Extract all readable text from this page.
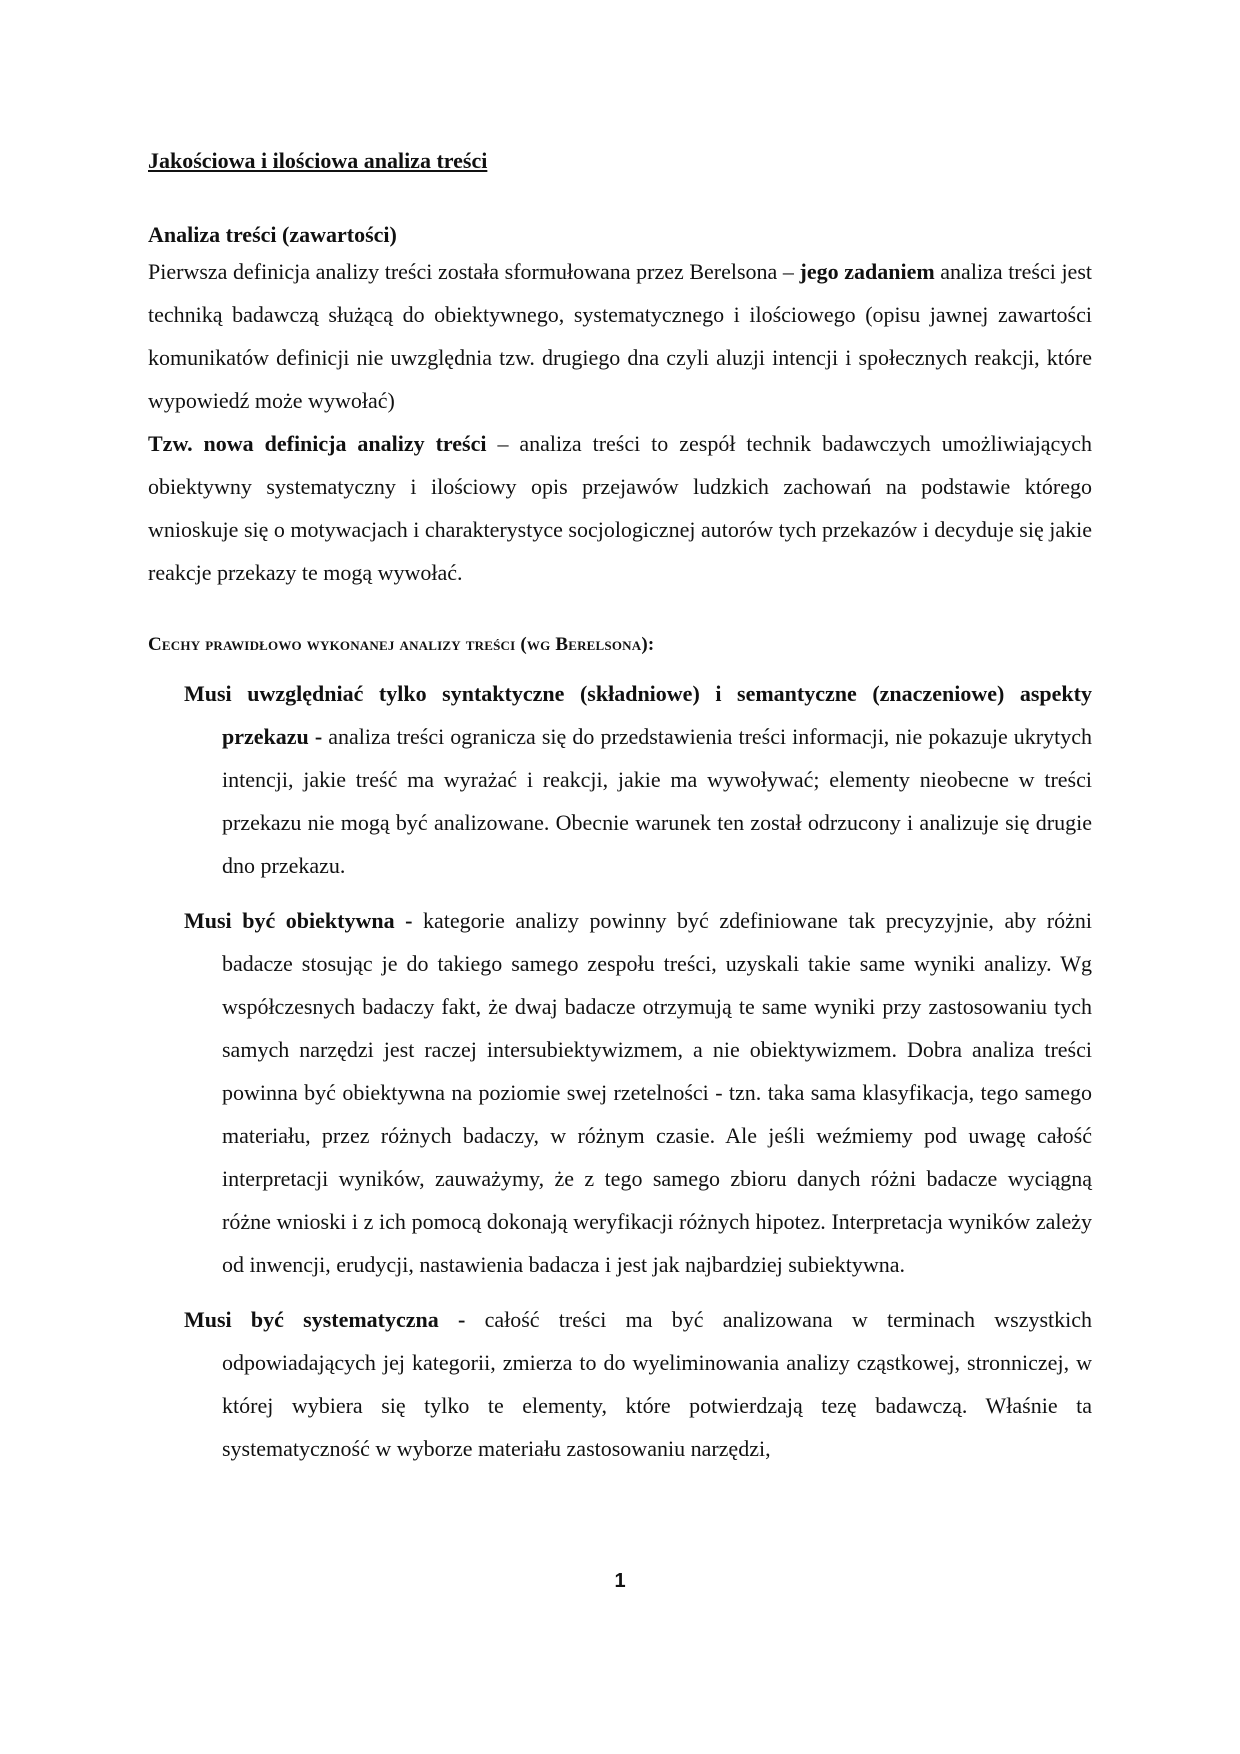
Jakościowa i ilościowa analiza treści
Analiza treści (zawartości)

Pierwsza definicja analizy treści została sformułowana przez Berelsona – jego zadaniem analiza treści jest techniką badawczą służącą do obiektywnego, systematycznego i ilościowego (opisu jawnej zawartości komunikatów definicji nie uwzględnia tzw. drugiego dna czyli aluzji intencji i społecznych reakcji, które wypowiedź może wywołać)

Tzw. nowa definicja analizy treści – analiza treści to zespół technik badawczych umożliwiających obiektywny systematyczny i ilościowy opis przejawów ludzkich zachowań na podstawie którego wnioskuje się o motywacjach i charakterystyce socjologicznej autorów tych przekazów i decyduje się jakie reakcje przekazy te mogą wywołać.

Cechy prawidłowo wykonanej analizy treści (wg Berelsona):

Musi uwzględniać tylko syntaktyczne (składniowe) i semantyczne (znaczeniowe) aspekty przekazu - analiza treści ogranicza się do przedstawienia treści informacji, nie pokazuje ukrytych intencji, jakie treść ma wyrażać i reakcji, jakie ma wywoływać; elementy nieobecne w treści przekazu nie mogą być analizowane. Obecnie warunek ten został odrzucony i analizuje się drugie dno przekazu.

Musi być obiektywna - kategorie analizy powinny być zdefiniowane tak precyzyjnie, aby różni badacze stosując je do takiego samego zespołu treści, uzyskali takie same wyniki analizy. Wg współczesnych badaczy fakt, że dwaj badacze otrzymują te same wyniki przy zastosowaniu tych samych narzędzi jest raczej intersubiektywizmem, a nie obiektywizmem. Dobra analiza treści powinna być obiektywna na poziomie swej rzetelności - tzn. taka sama klasyfikacja, tego samego materiału, przez różnych badaczy, w różnym czasie. Ale jeśli weźmiemy pod uwagę całość interpretacji wyników, zauważymy, że z tego samego zbioru danych różni badacze wyciągną różne wnioski i z ich pomocą dokonają weryfikacji różnych hipotez. Interpretacja wyników zależy od inwencji, erudycji, nastawienia badacza i jest jak najbardziej subiektywna.

Musi być systematyczna - całość treści ma być analizowana w terminach wszystkich odpowiadających jej kategorii, zmierza to do wyeliminowania analizy cząstkowej, stronniczej, w której wybiera się tylko te elementy, które potwierdzają tezę badawczą. Właśnie ta systematyczność w wyborze materiału zastosowaniu narzędzi,

1
